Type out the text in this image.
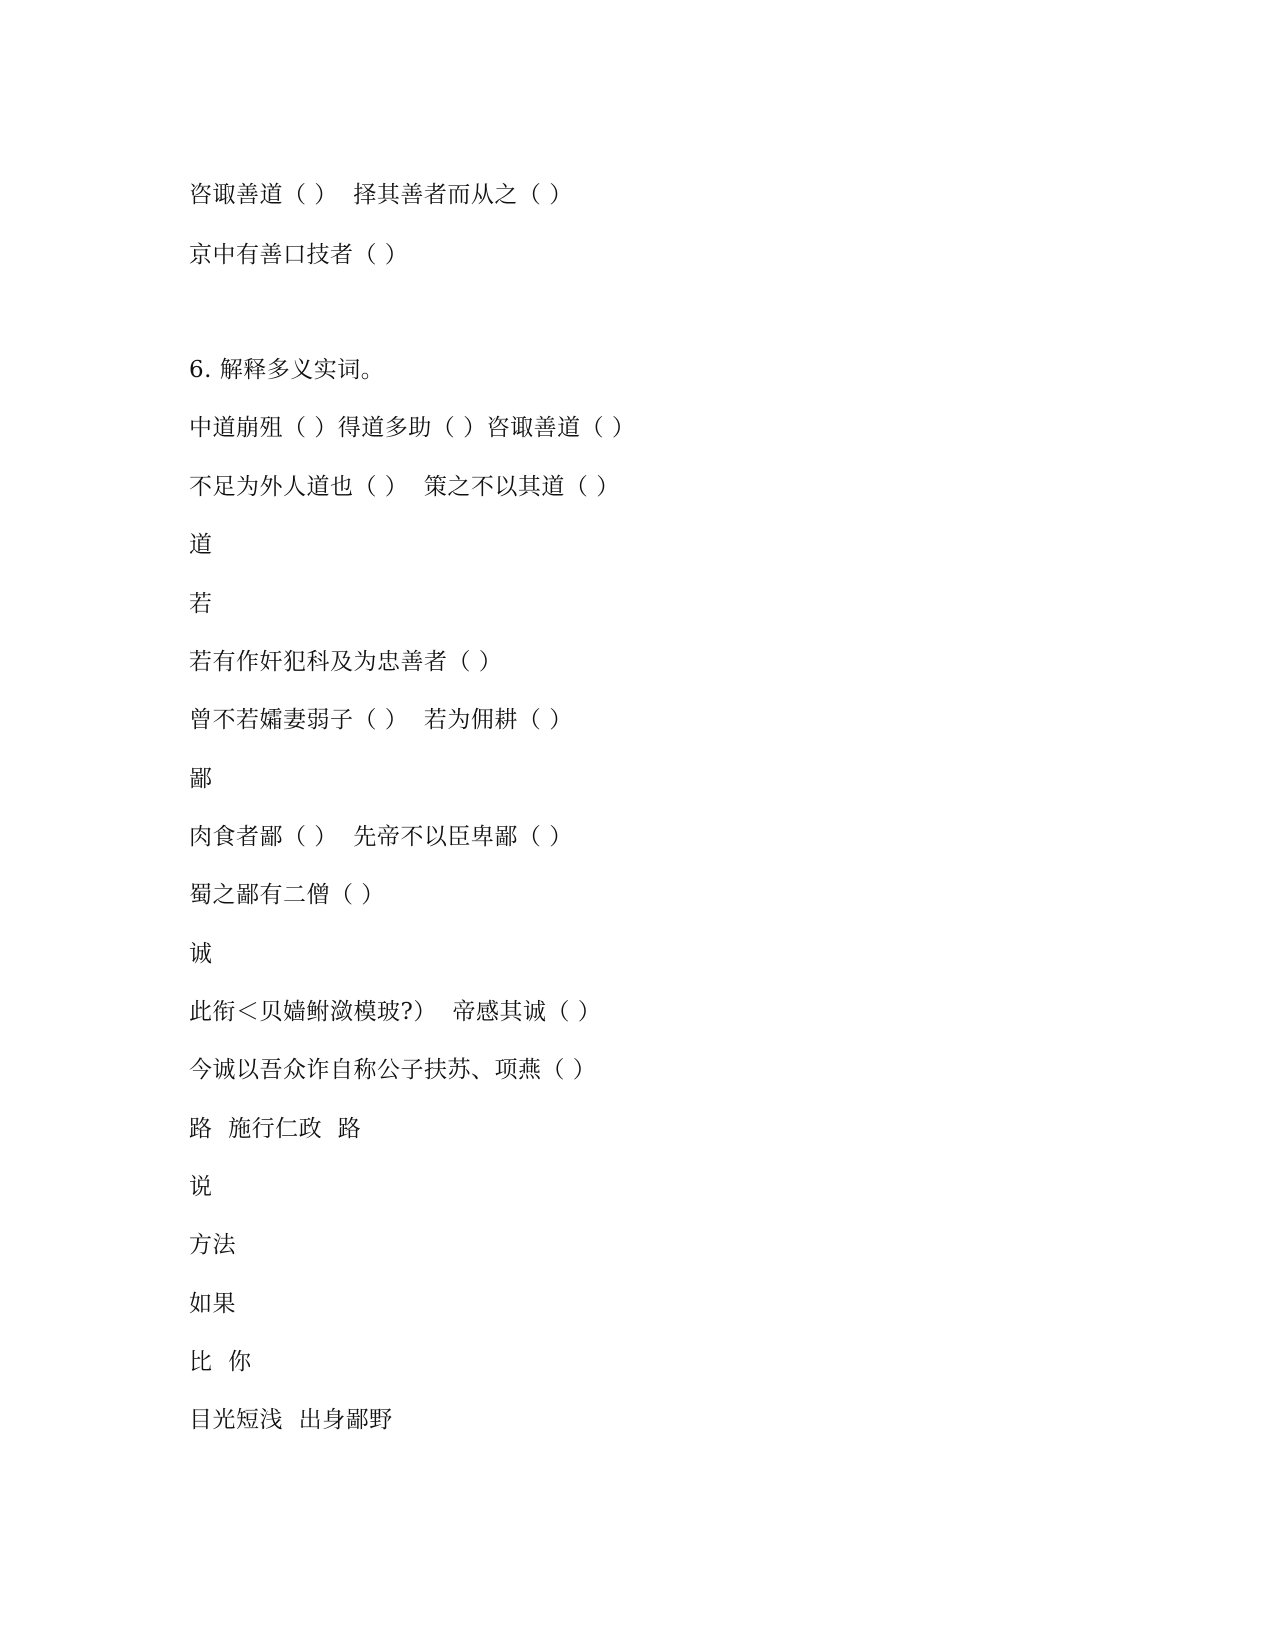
咨诹善道（ ）  择其善者而从之（ ）
京中有善口技者（ ）
6. 解释多义实词。
中道崩殂（ ）得道多助（ ）咨诹善道（ ）
不足为外人道也（ ）  策之不以其道（ ）
道
若
若有作奸犯科及为忠善者（ ）
曾不若孀妻弱子（ ）  若为佣耕（ ）
鄙
肉食者鄙（ ）  先帝不以臣卑鄙（ ）
蜀之鄙有二僧（ ）
诚
此衔＜贝嫱鲋潋模玻?）  帝感其诚（ ）
今诚以吾众诈自称公子扶苏、项燕（ ）
路  施行仁政  路
说
方法
如果
比  你
目光短浅  出身鄙野
